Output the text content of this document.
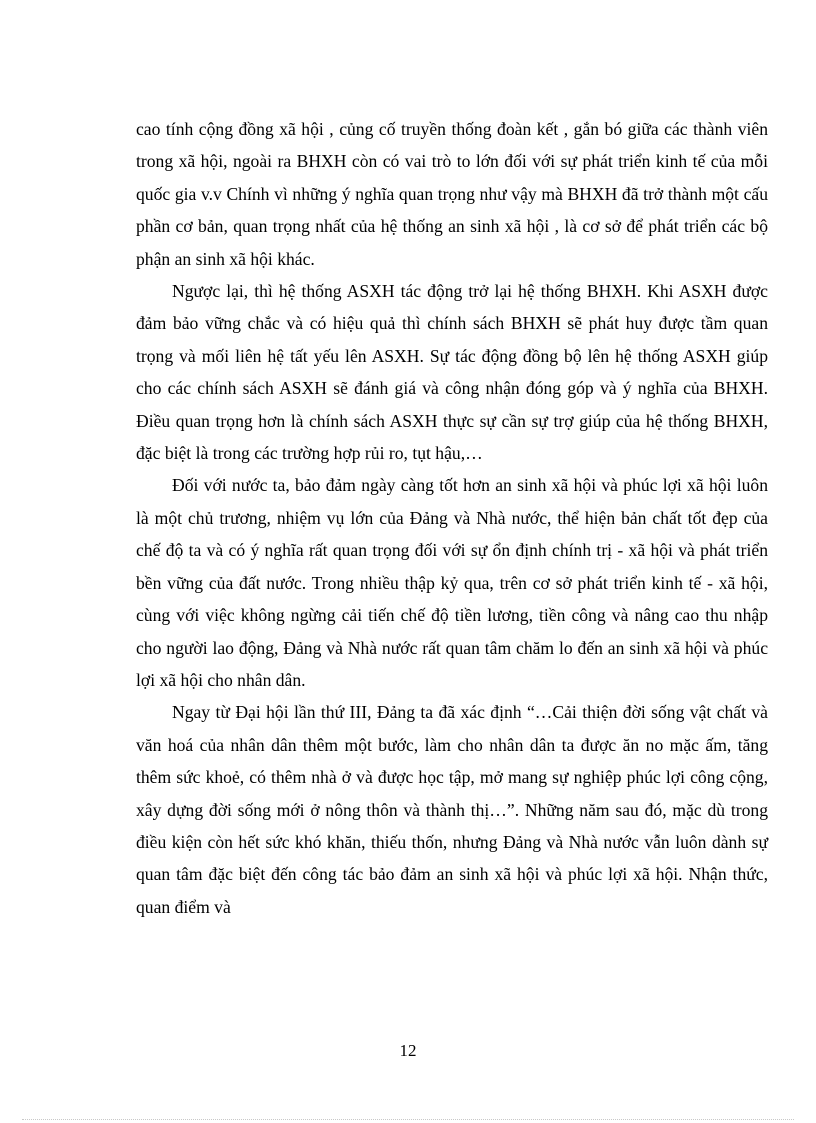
cao tính cộng đồng xã hội , củng cố truyền thống đoàn kết , gắn bó giữa các thành viên trong xã hội, ngoài ra BHXH còn có vai trò to lớn đối với sự phát triển kinh tế của mỗi quốc gia v.v Chính vì những ý nghĩa quan trọng như vậy mà BHXH đã trở thành một cấu phần cơ bản, quan trọng nhất của hệ thống an sinh xã hội , là cơ sở để phát triển các bộ phận an sinh xã hội khác.

Ngược lại, thì hệ thống ASXH tác động trở lại hệ thống BHXH. Khi ASXH được đảm bảo vững chắc và có hiệu quả thì chính sách BHXH sẽ phát huy được tầm quan trọng và mối liên hệ tất yếu lên ASXH. Sự tác động đồng bộ lên hệ thống ASXH giúp cho các chính sách ASXH sẽ đánh giá và công nhận đóng góp và ý nghĩa của BHXH. Điều quan trọng hơn là chính sách ASXH thực sự cần sự trợ giúp của hệ thống BHXH, đặc biệt là trong các trường hợp rủi ro, tụt hậu,…

Đối với nước ta, bảo đảm ngày càng tốt hơn an sinh xã hội và phúc lợi xã hội luôn là một chủ trương, nhiệm vụ lớn của Đảng và Nhà nước, thể hiện bản chất tốt đẹp của chế độ ta và có ý nghĩa rất quan trọng đối với sự ổn định chính trị - xã hội và phát triển bền vững của đất nước. Trong nhiều thập kỷ qua, trên cơ sở phát triển kinh tế - xã hội, cùng với việc không ngừng cải tiến chế độ tiền lương, tiền công và nâng cao thu nhập cho người lao động, Đảng và Nhà nước rất quan tâm chăm lo đến an sinh xã hội và phúc lợi xã hội cho nhân dân.

Ngay từ Đại hội lần thứ III, Đảng ta đã xác định “…Cải thiện đời sống vật chất và văn hoá của nhân dân thêm một bước, làm cho nhân dân ta được ăn no mặc ấm, tăng thêm sức khoẻ, có thêm nhà ở và được học tập, mở mang sự nghiệp phúc lợi công cộng, xây dựng đời sống mới ở nông thôn và thành thị…”. Những năm sau đó, mặc dù trong điều kiện còn hết sức khó khăn, thiếu thốn, nhưng Đảng và Nhà nước vẫn luôn dành sự quan tâm đặc biệt đến công tác bảo đảm an sinh xã hội và phúc lợi xã hội. Nhận thức, quan điểm và

12
